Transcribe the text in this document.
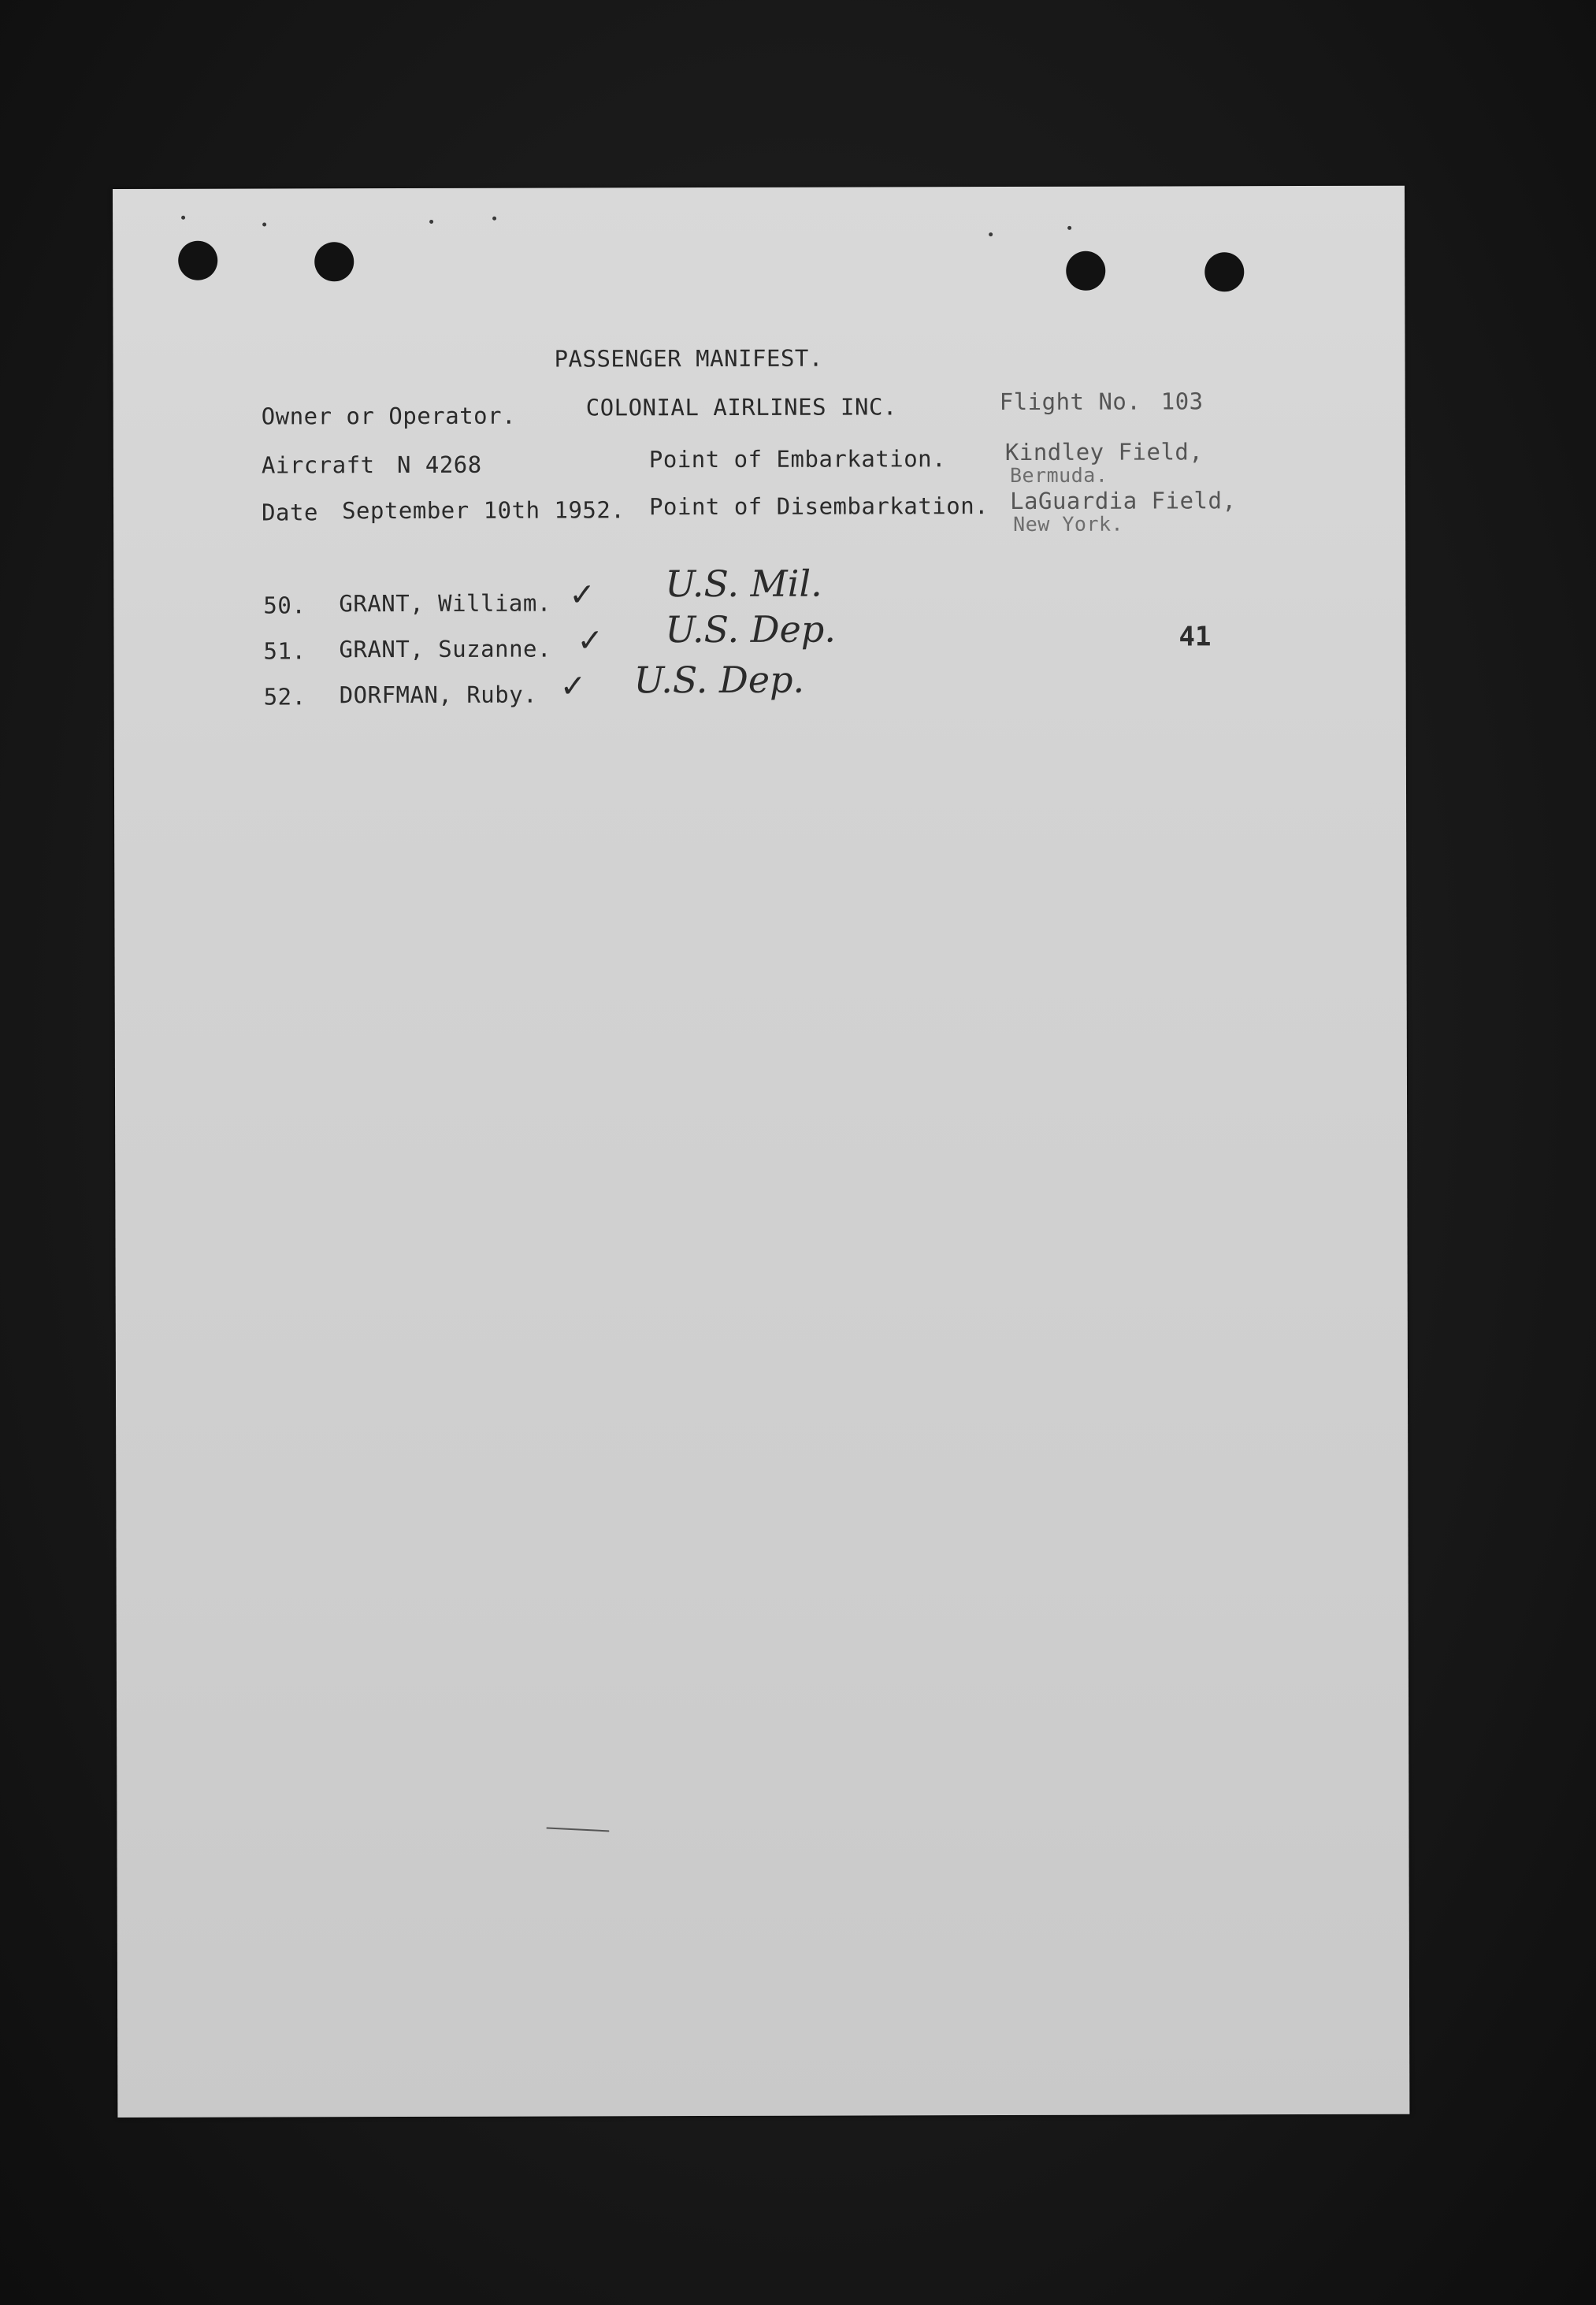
PASSENGER MANIFEST.
Owner or Operator.	COLONIAL AIRLINES INC.	Flight No. 103
Aircraft N 4268	Point of Embarkation.	Kindley Field,
Bermuda.
Date September 10th 1952. Point of Disembarkation. LaGuardia Field,
New York.
50. GRANT, William. ✓ U.S. Mil.
51. GRANT, Suzanne. ✓ U.S. Dep.
52. DORFMAN, Ruby. ✓ U.S. Dep.
41
